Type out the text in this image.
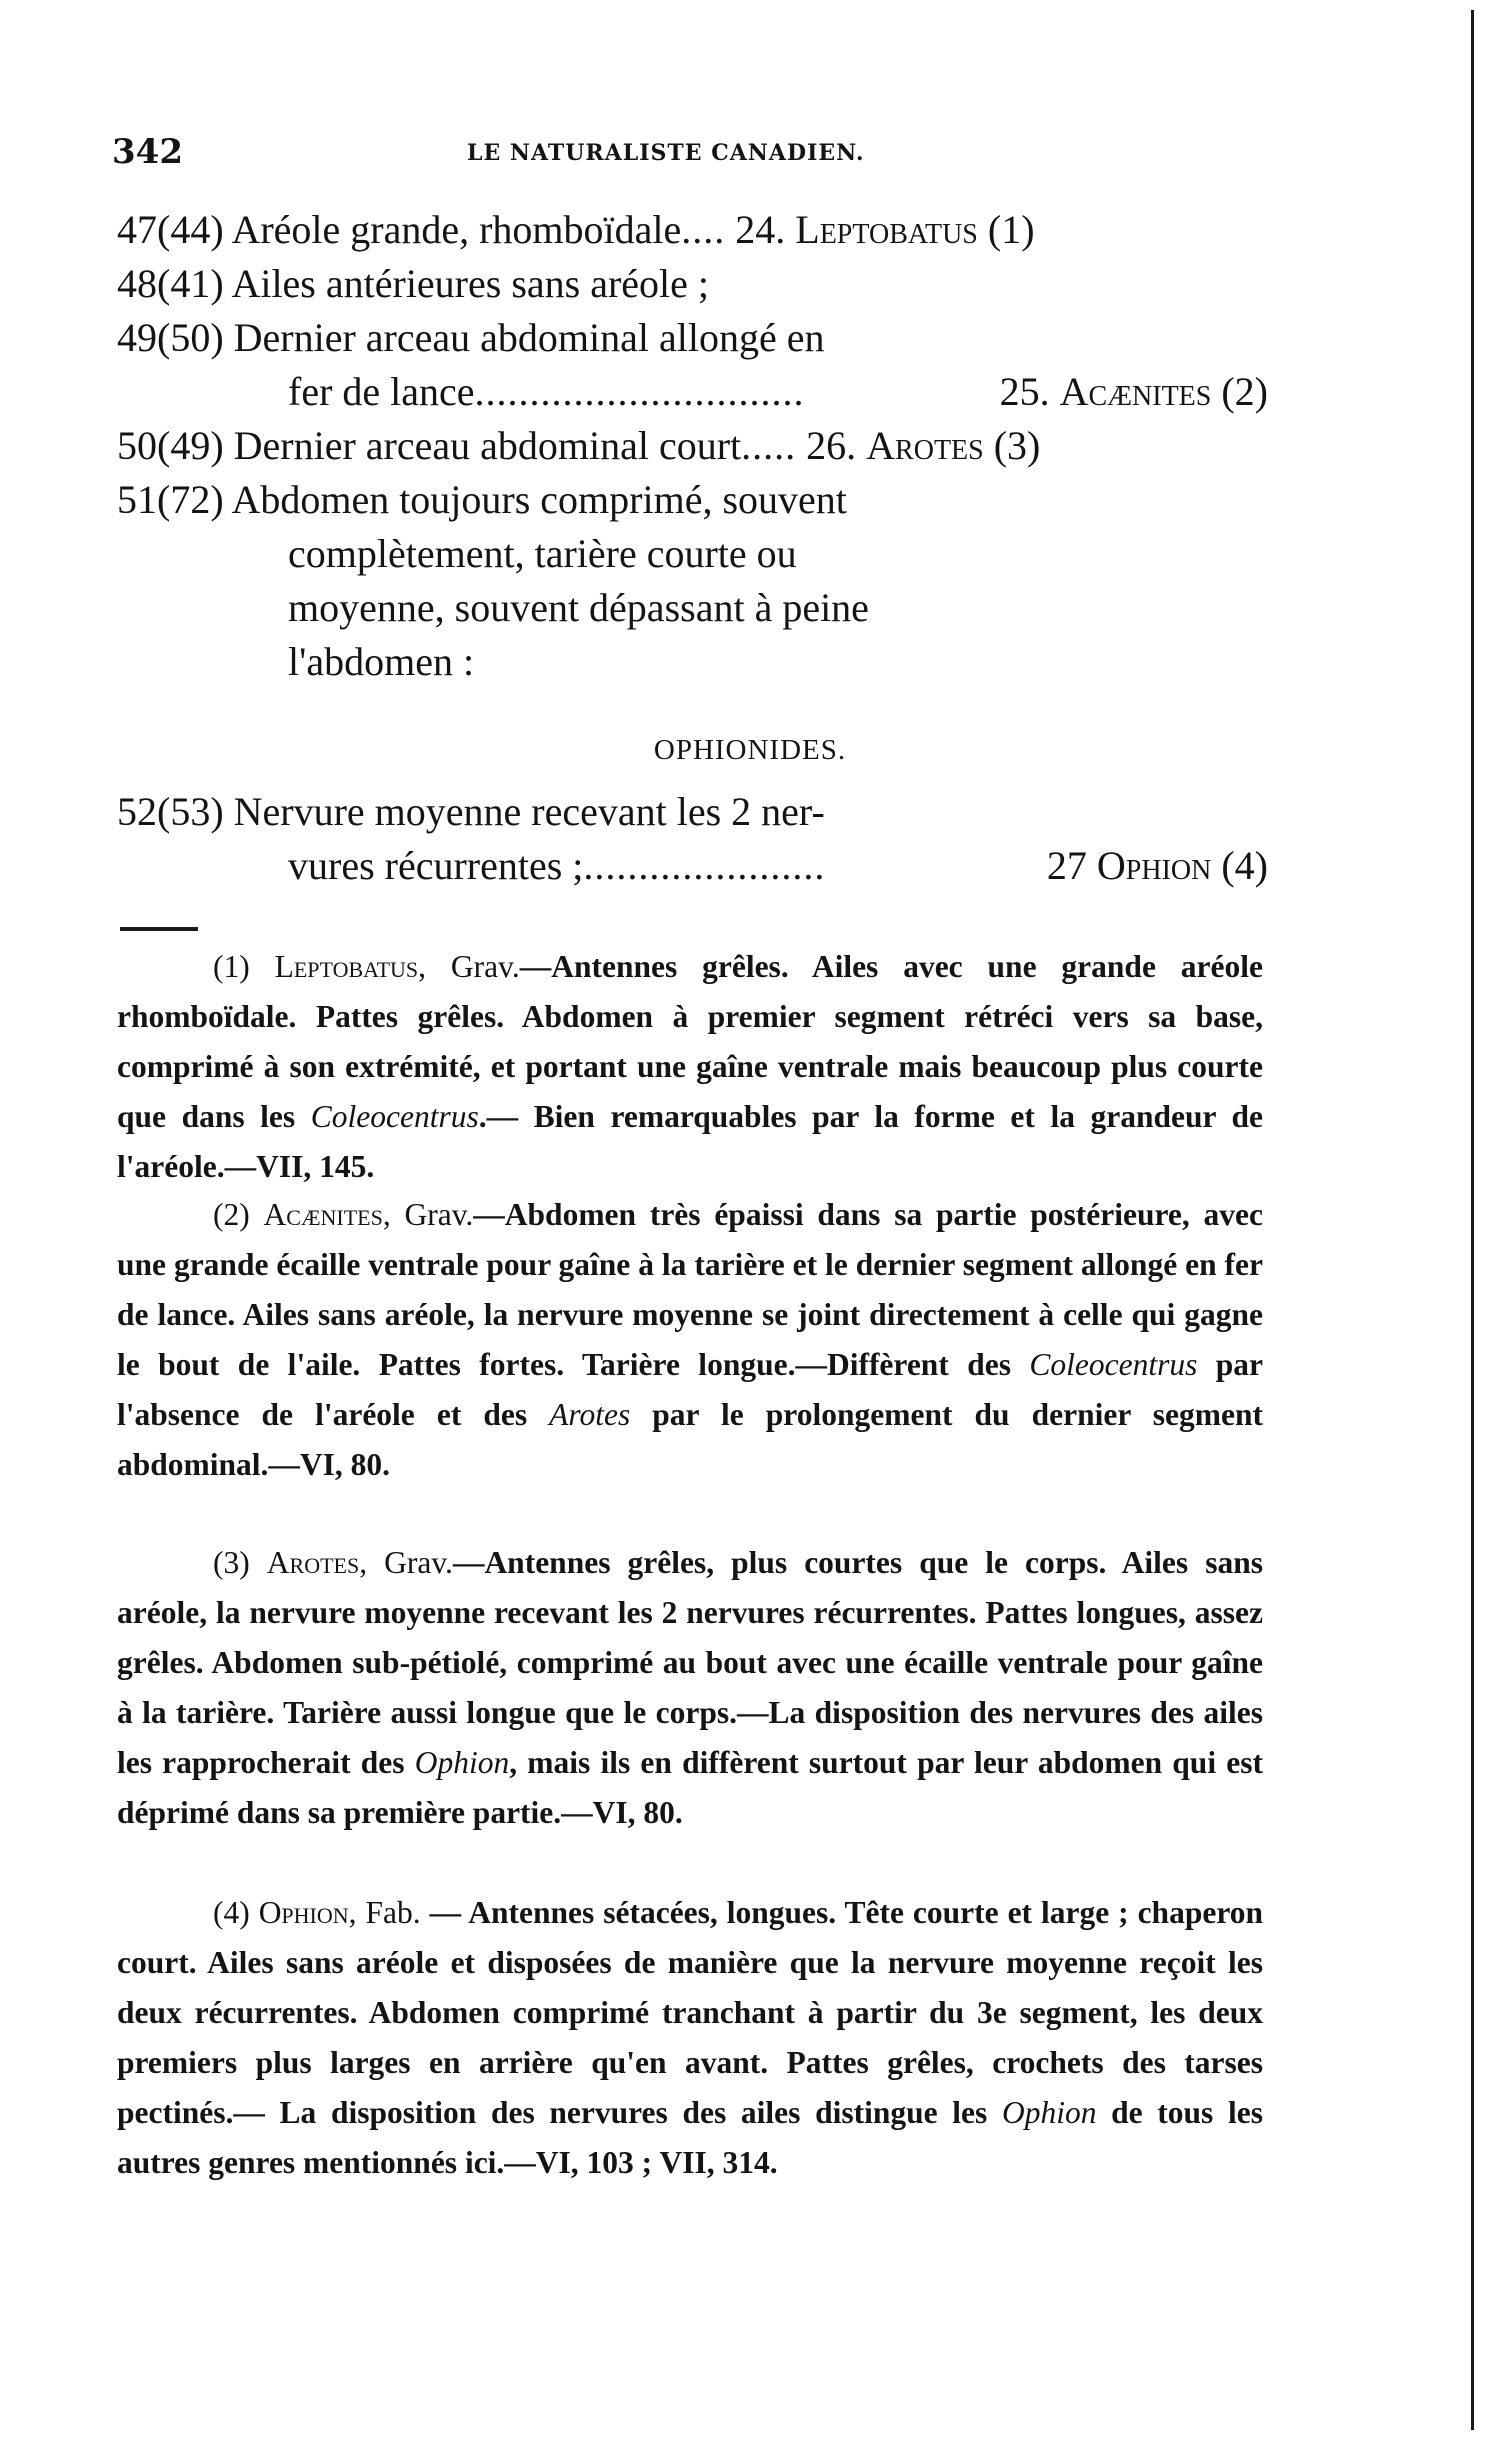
342	LE NATURALISTE CANADIEN.
47(44) Aréole grande, rhomboïdale.... 24. Leptobatus (1)
48(41) Ailes antérieures sans aréole ;
49(50) Dernier arceau abdominal allongé en
fer de lance..............................	25. Acænites (2)
50(49) Dernier arceau abdominal court..... 26. Arotes (3)
51(72) Abdomen toujours comprimé, souvent
complètement, tarière courte ou
moyenne, souvent dépassant à peine
l'abdomen :
OPHIONIDES.
52(53) Nervure moyenne recevant les 2 ner-
vures récurrentes ;......................	27 Ophion (4)

(1) Leptobatus, Grav.—Antennes grêles. Ailes avec une grande aréole rhomboïdale. Pattes grêles. Abdomen à premier segment rétréci vers sa base, comprimé à son extrémité, et portant une gaîne ventrale mais beaucoup plus courte que dans les Coleocentrus.— Bien remarquables par la forme et la grandeur de l'aréole.—VII, 145.

(2) Acænites, Grav.—Abdomen très épaissi dans sa partie postérieure, avec une grande écaille ventrale pour gaîne à la tarière et le dernier segment allongé en fer de lance. Ailes sans aréole, la nervure moyenne se joint directement à celle qui gagne le bout de l'aile. Pattes fortes. Tarière longue.—Diffèrent des Coleocentrus par l'absence de l'aréole et des Arotes par le prolongement du dernier segment abdominal.—VI, 80.

(3) Arotes, Grav.—Antennes grêles, plus courtes que le corps. Ailes sans aréole, la nervure moyenne recevant les 2 nervures récurrentes. Pattes longues, assez grêles. Abdomen sub-pétiolé, comprimé au bout avec une écaille ventrale pour gaîne à la tarière. Tarière aussi longue que le corps.—La disposition des nervures des ailes les rapprocherait des Ophion, mais ils en diffèrent surtout par leur abdomen qui est déprimé dans sa première partie.—VI, 80.

(4) Ophion, Fab. — Antennes sétacées, longues. Tête courte et large ; chaperon court. Ailes sans aréole et disposées de manière que la nervure moyenne reçoit les deux récurrentes. Abdomen comprimé tranchant à partir du 3e segment, les deux premiers plus larges en arrière qu'en avant. Pattes grêles, crochets des tarses pectinés.— La disposition des nervures des ailes distingue les Ophion de tous les autres genres mentionnés ici.—VI, 103 ; VII, 314.
